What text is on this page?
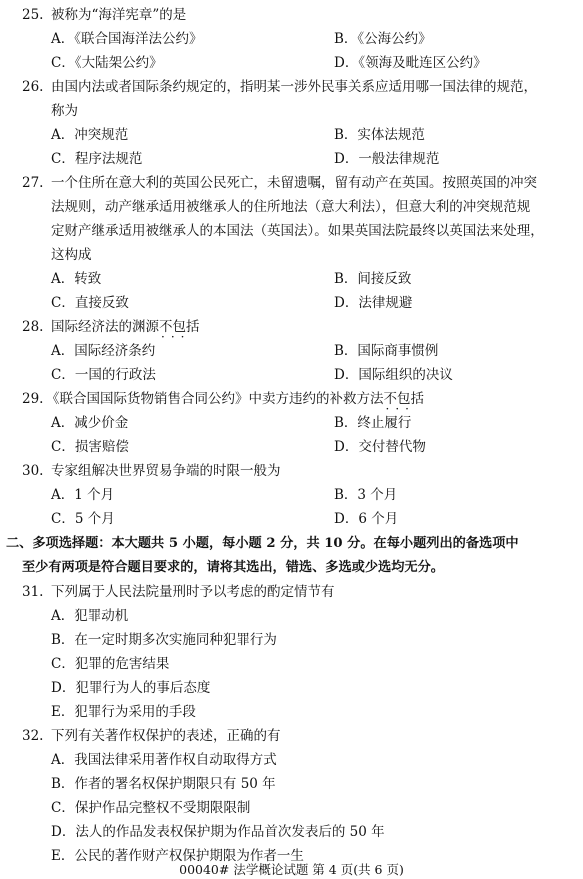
25. 被称为“海洋宪章”的是
A．《联合国海洋法公约》	B．《公海公约》
C．《大陆架公约》	D．《领海及毗连区公约》
26. 由国内法或者国际条约规定的，指明某一涉外民事关系应适用哪一国法律的规范，
称为
A．冲突规范	B．实体法规范
C．程序法规范	D．一般法律规范
27. 一个住所在意大利的英国公民死亡，未留遗嘱，留有动产在英国。按照英国的冲突
法规则，动产继承适用被继承人的住所地法（意大利法），但意大利的冲突规范规
定财产继承适用被继承人的本国法（英国法）。如果英国法院最终以英国法来处理，
这构成
A．转致	B．间接反致
C．直接反致	D．法律规避
28. 国际经济法的渊源不包括 · · ·
A．国际经济条约	B．国际商事惯例
C．一国的行政法	D．国际组织的决议
29. 《联合国国际货物销售合同公约》中卖方违约的补救方法不包括 · · ·
A．减少价金	B．终止履行
C．损害赔偿	D．交付替代物
30. 专家组解决世界贸易争端的时限一般为
A．1 个月	B．3 个月
C．5 个月	D．6 个月
二、多项选择题：本大题共 5 小题，每小题 2 分，共 10 分。在每小题列出的备选项中
至少有两项是符合题目要求的，请将其选出，错选、多选或少选均无分。
31. 下列属于人民法院量刑时予以考虑的酌定情节有
A．犯罪动机
B．在一定时期多次实施同种犯罪行为
C．犯罪的危害结果
D．犯罪行为人的事后态度
E．犯罪行为采用的手段
32. 下列有关著作权保护的表述，正确的有
A．我国法律采用著作权自动取得方式
B．作者的署名权保护期限只有 50 年
C．保护作品完整权不受期限限制
D．法人的作品发表权保护期为作品首次发表后的 50 年
E．公民的著作财产权保护期限为作者一生
00040# 法学概论试题 第 4 页(共 6 页)
